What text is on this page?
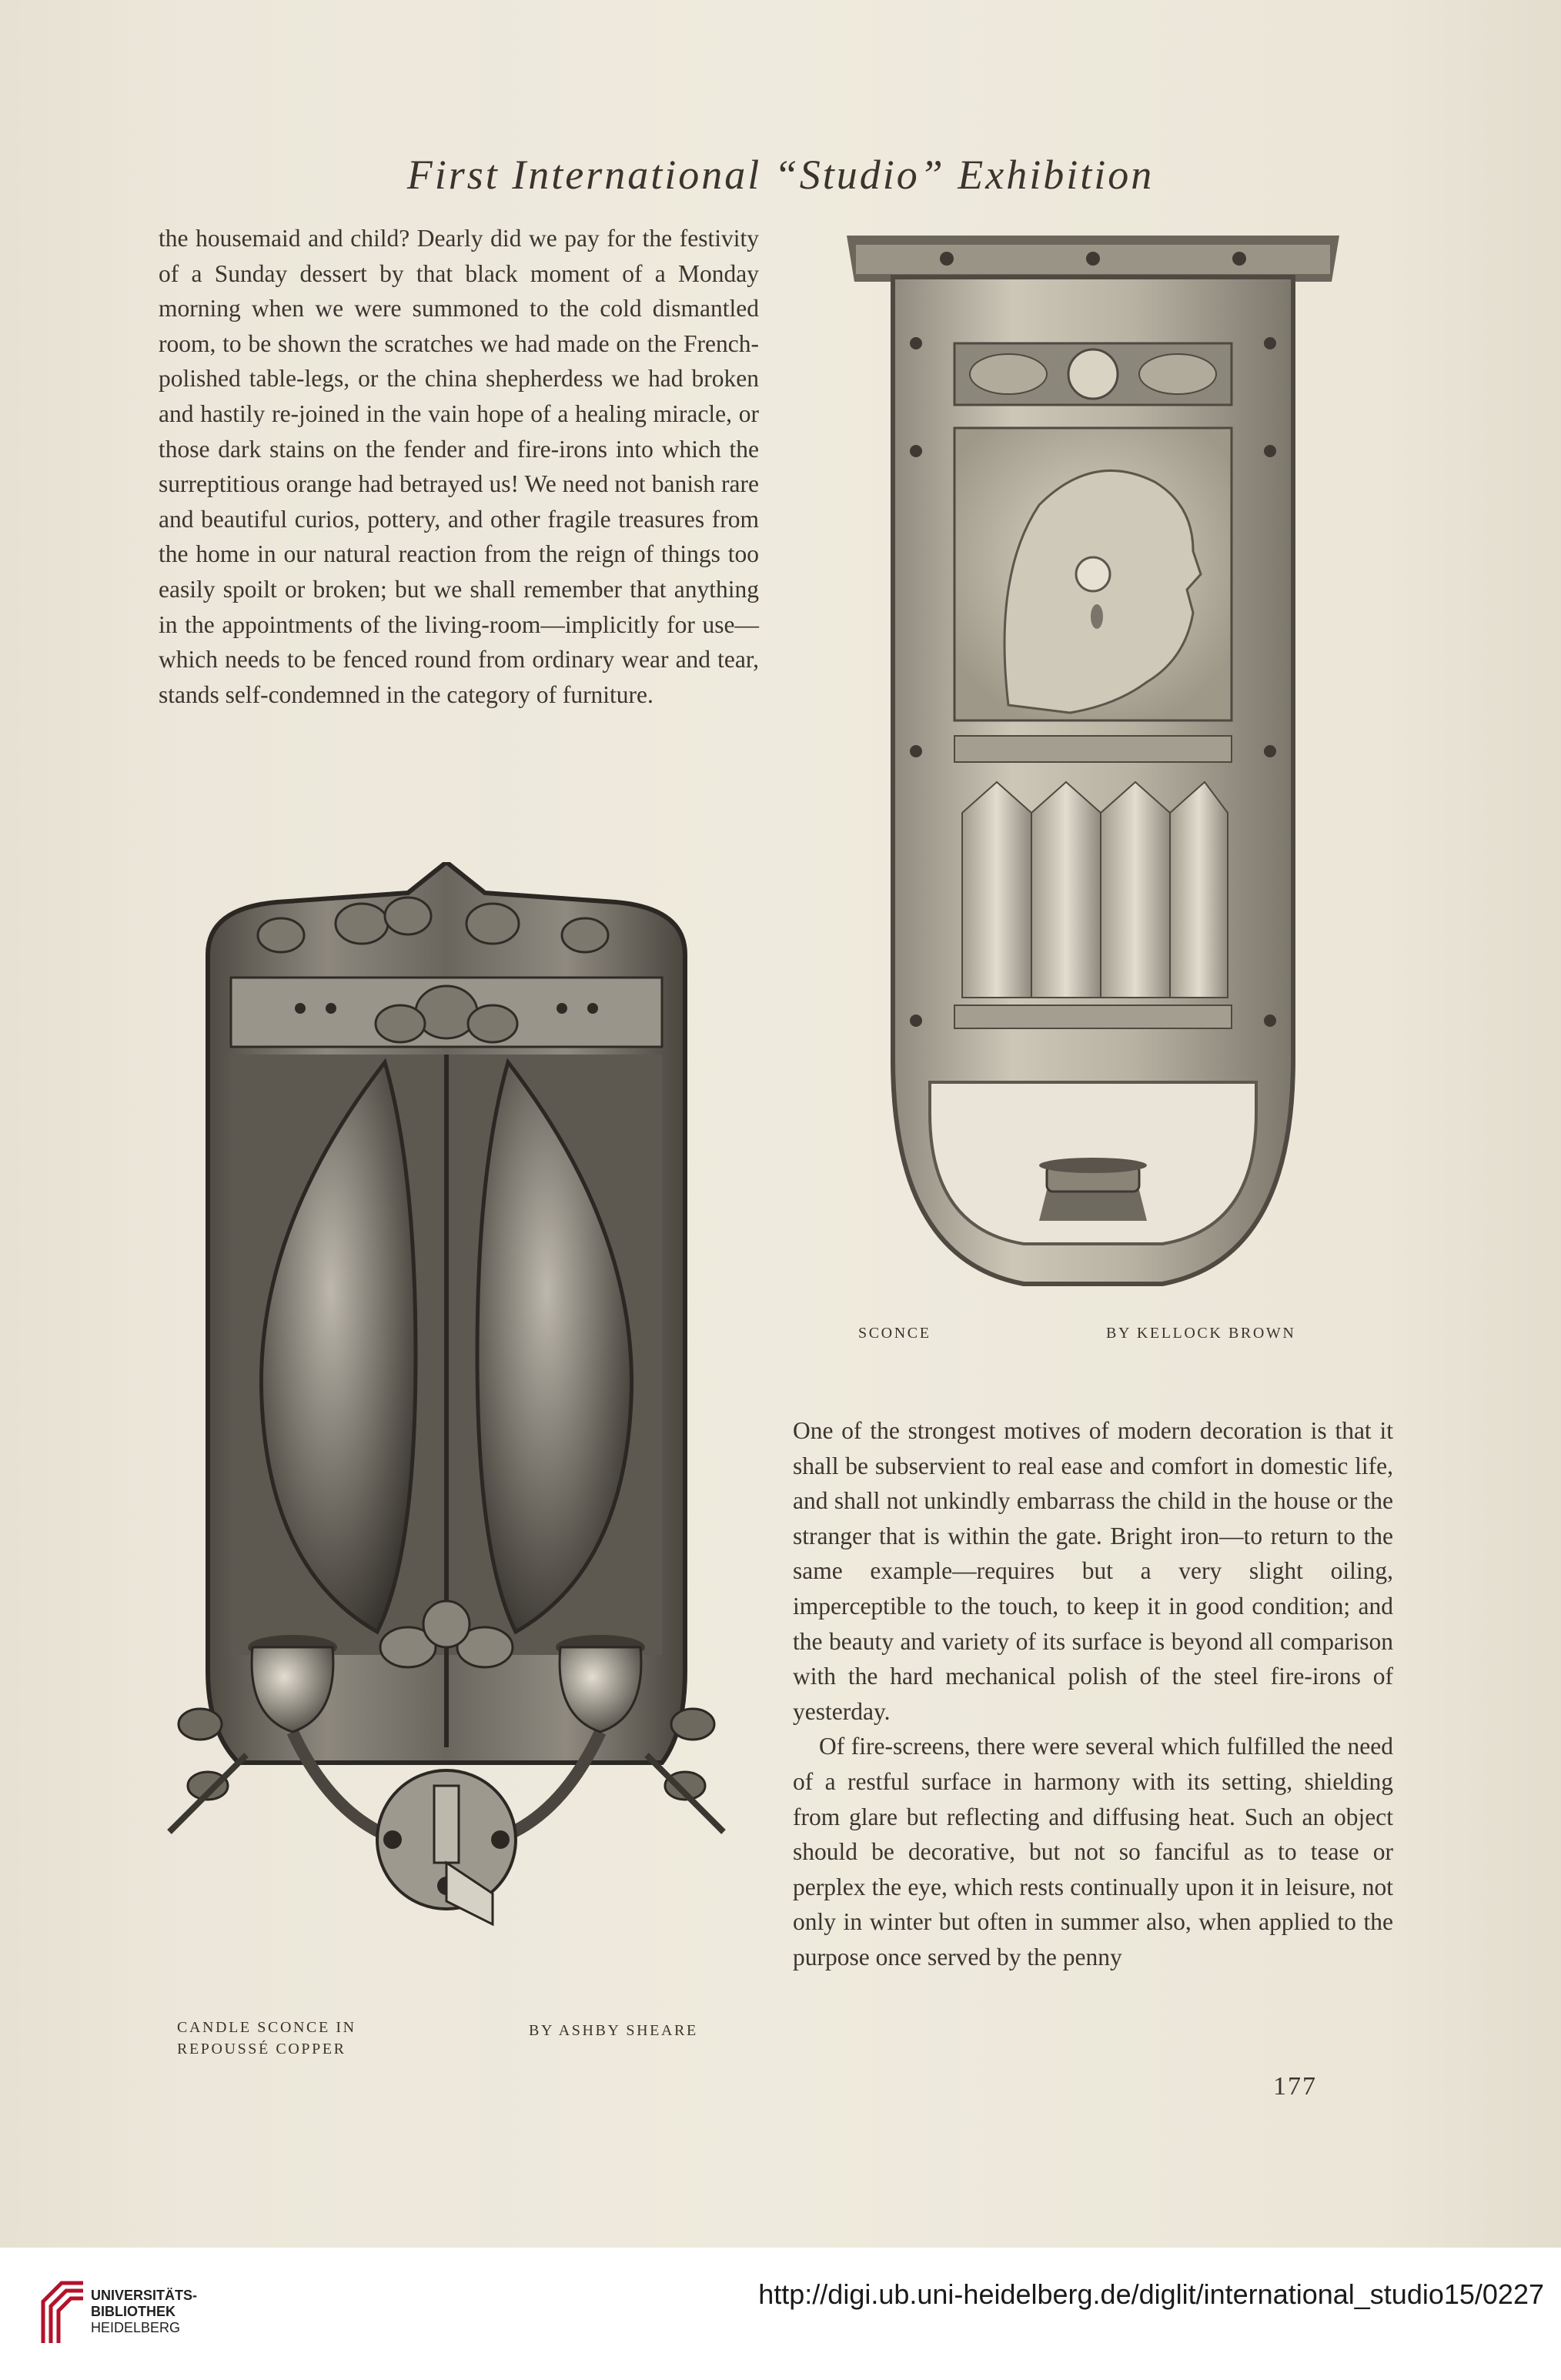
First International “Studio” Exhibition

the housemaid and child? Dearly did we pay for the festivity of a Sunday dessert by that black moment of a Monday morning when we were summoned to the cold dismantled room, to be shown the scratches we had made on the French-polished table-legs, or the china shepherdess we had broken and hastily re-joined in the vain hope of a healing miracle, or those dark stains on the fender and fire-irons into which the surreptitious orange had betrayed us! We need not banish rare and beautiful curios, pottery, and other fragile treasures from the home in our natural reaction from the reign of things too easily spoilt or broken; but we shall remember that anything in the appointments of the living-room—implicitly for use—which needs to be fenced round from ordinary wear and tear, stands self-condemned in the category of furniture.

SCONCE	BY KELLOCK BROWN
CANDLE SCONCE IN
REPOUSSÉ COPPER
BY ASHBY SHEARE

One of the strongest motives of modern decoration is that it shall be subservient to real ease and comfort in domestic life, and shall not unkindly embarrass the child in the house or the stranger that is within the gate. Bright iron—to return to the same example—requires but a very slight oiling, imperceptible to the touch, to keep it in good condition; and the beauty and variety of its surface is beyond all comparison with the hard mechanical polish of the steel fire-irons of yesterday.

Of fire-screens, there were several which fulfilled the need of a restful surface in harmony with its setting, shielding from glare but reflecting and diffusing heat. Such an object should be decorative, but not so fanciful as to tease or perplex the eye, which rests continually upon it in leisure, not only in winter but often in summer also, when applied to the purpose once served by the penny

177
UNIVERSITÄTS-
BIBLIOTHEK
HEIDELBERG
http://digi.ub.uni-heidelberg.de/diglit/international_studio15/0227
